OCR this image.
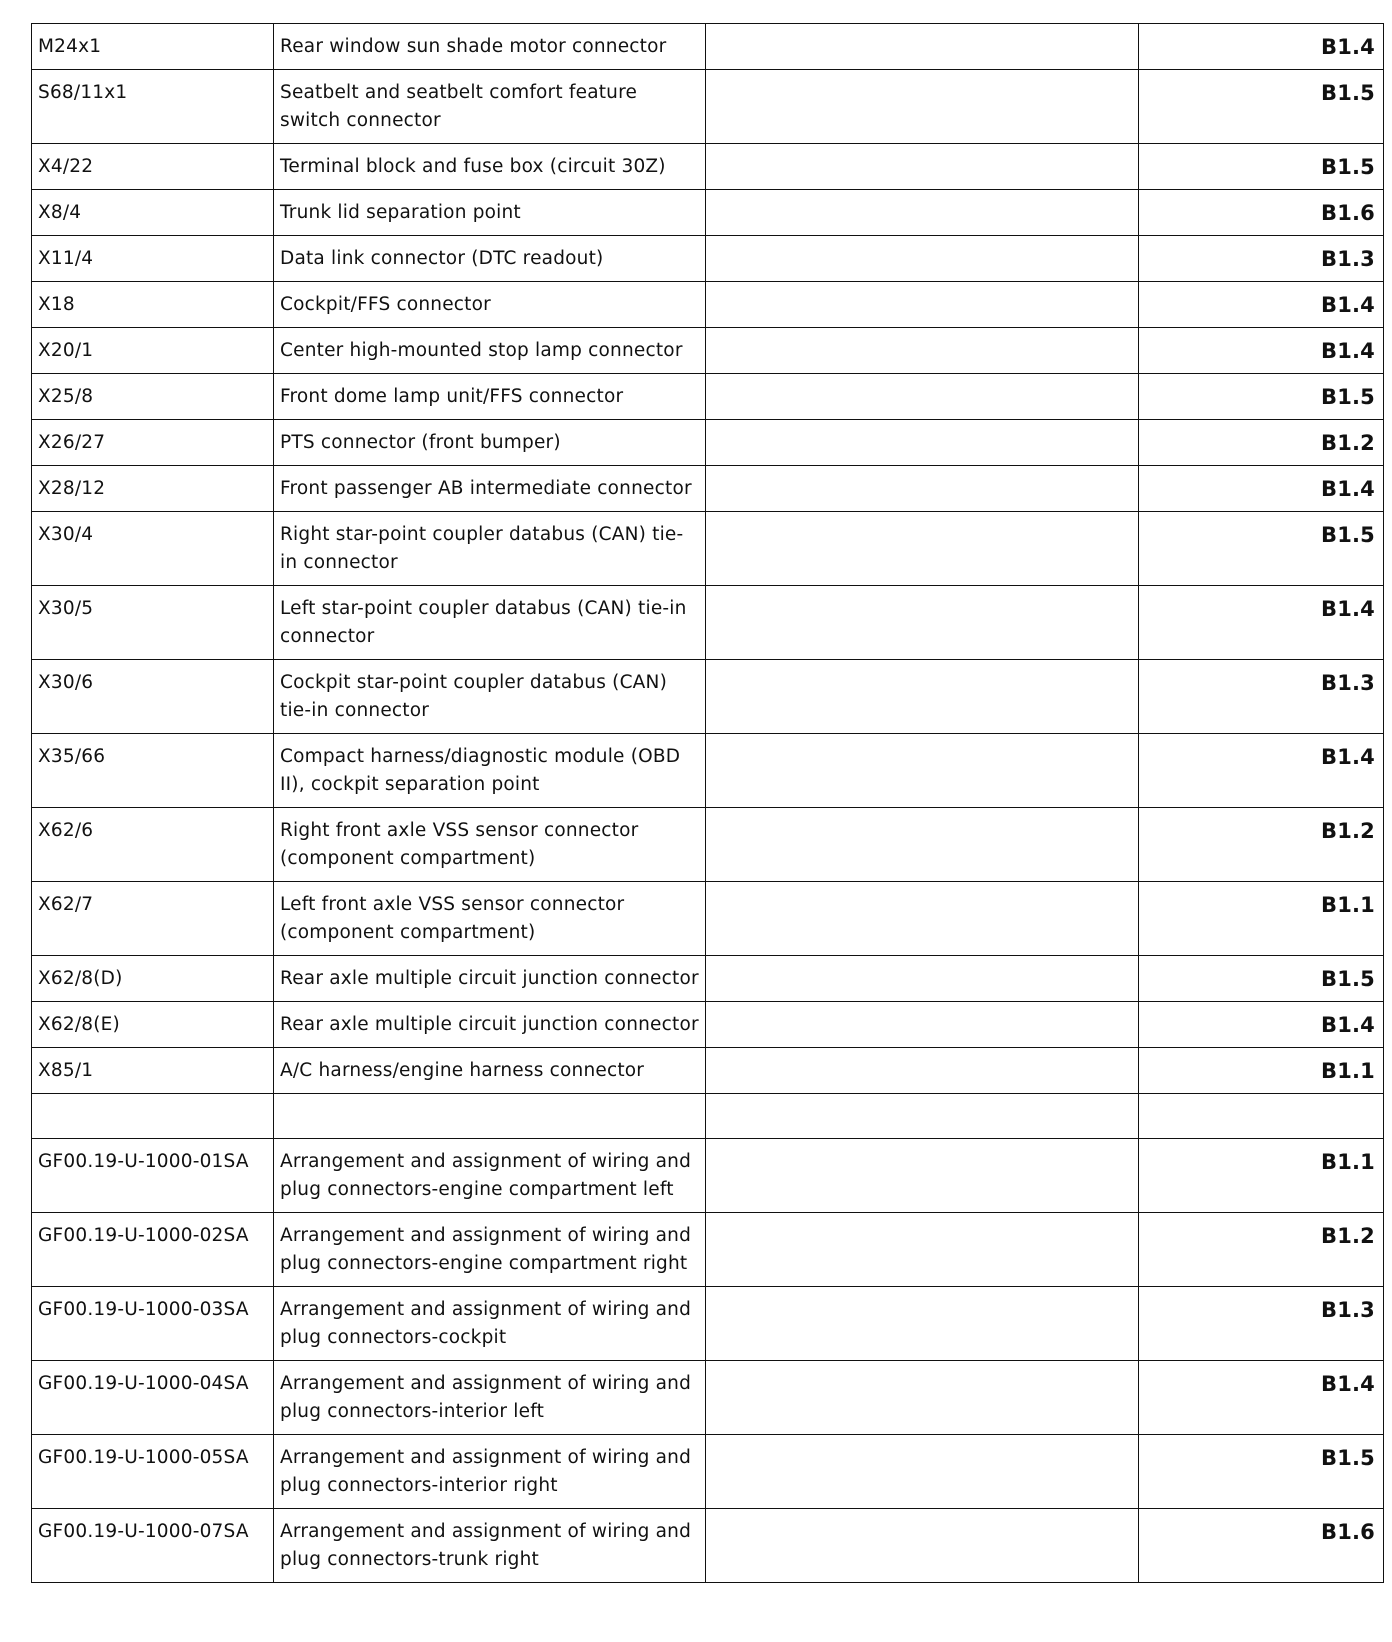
M24x1	Rear window sun shade motor connector		B1.4
S68/11x1	Seatbelt and seatbelt comfort feature switch connector		B1.5
X4/22	Terminal block and fuse box (circuit 30Z)		B1.5
X8/4	Trunk lid separation point		B1.6
X11/4	Data link connector (DTC readout)		B1.3
X18	Cockpit/FFS connector		B1.4
X20/1	Center high-mounted stop lamp connector		B1.4
X25/8	Front dome lamp unit/FFS connector		B1.5
X26/27	PTS connector (front bumper)		B1.2
X28/12	Front passenger AB intermediate connector		B1.4
X30/4	Right star-point coupler databus (CAN) tie-in connector		B1.5
X30/5	Left star-point coupler databus (CAN) tie-in connector		B1.4
X30/6	Cockpit star-point coupler databus (CAN) tie-in connector		B1.3
X35/66	Compact harness/diagnostic module (OBD II), cockpit separation point		B1.4
X62/6	Right front axle VSS sensor connector (component compartment)		B1.2
X62/7	Left front axle VSS sensor connector (component compartment)		B1.1
X62/8(D)	Rear axle multiple circuit junction connector		B1.5
X62/8(E)	Rear axle multiple circuit junction connector		B1.4
X85/1	A/C harness/engine harness connector		B1.1

GF00.19-U-1000-01SA	Arrangement and assignment of wiring and plug connectors-engine compartment left		B1.1
GF00.19-U-1000-02SA	Arrangement and assignment of wiring and plug connectors-engine compartment right		B1.2
GF00.19-U-1000-03SA	Arrangement and assignment of wiring and plug connectors-cockpit		B1.3
GF00.19-U-1000-04SA	Arrangement and assignment of wiring and plug connectors-interior left		B1.4
GF00.19-U-1000-05SA	Arrangement and assignment of wiring and plug connectors-interior right		B1.5
GF00.19-U-1000-07SA	Arrangement and assignment of wiring and plug connectors-trunk right		B1.6
